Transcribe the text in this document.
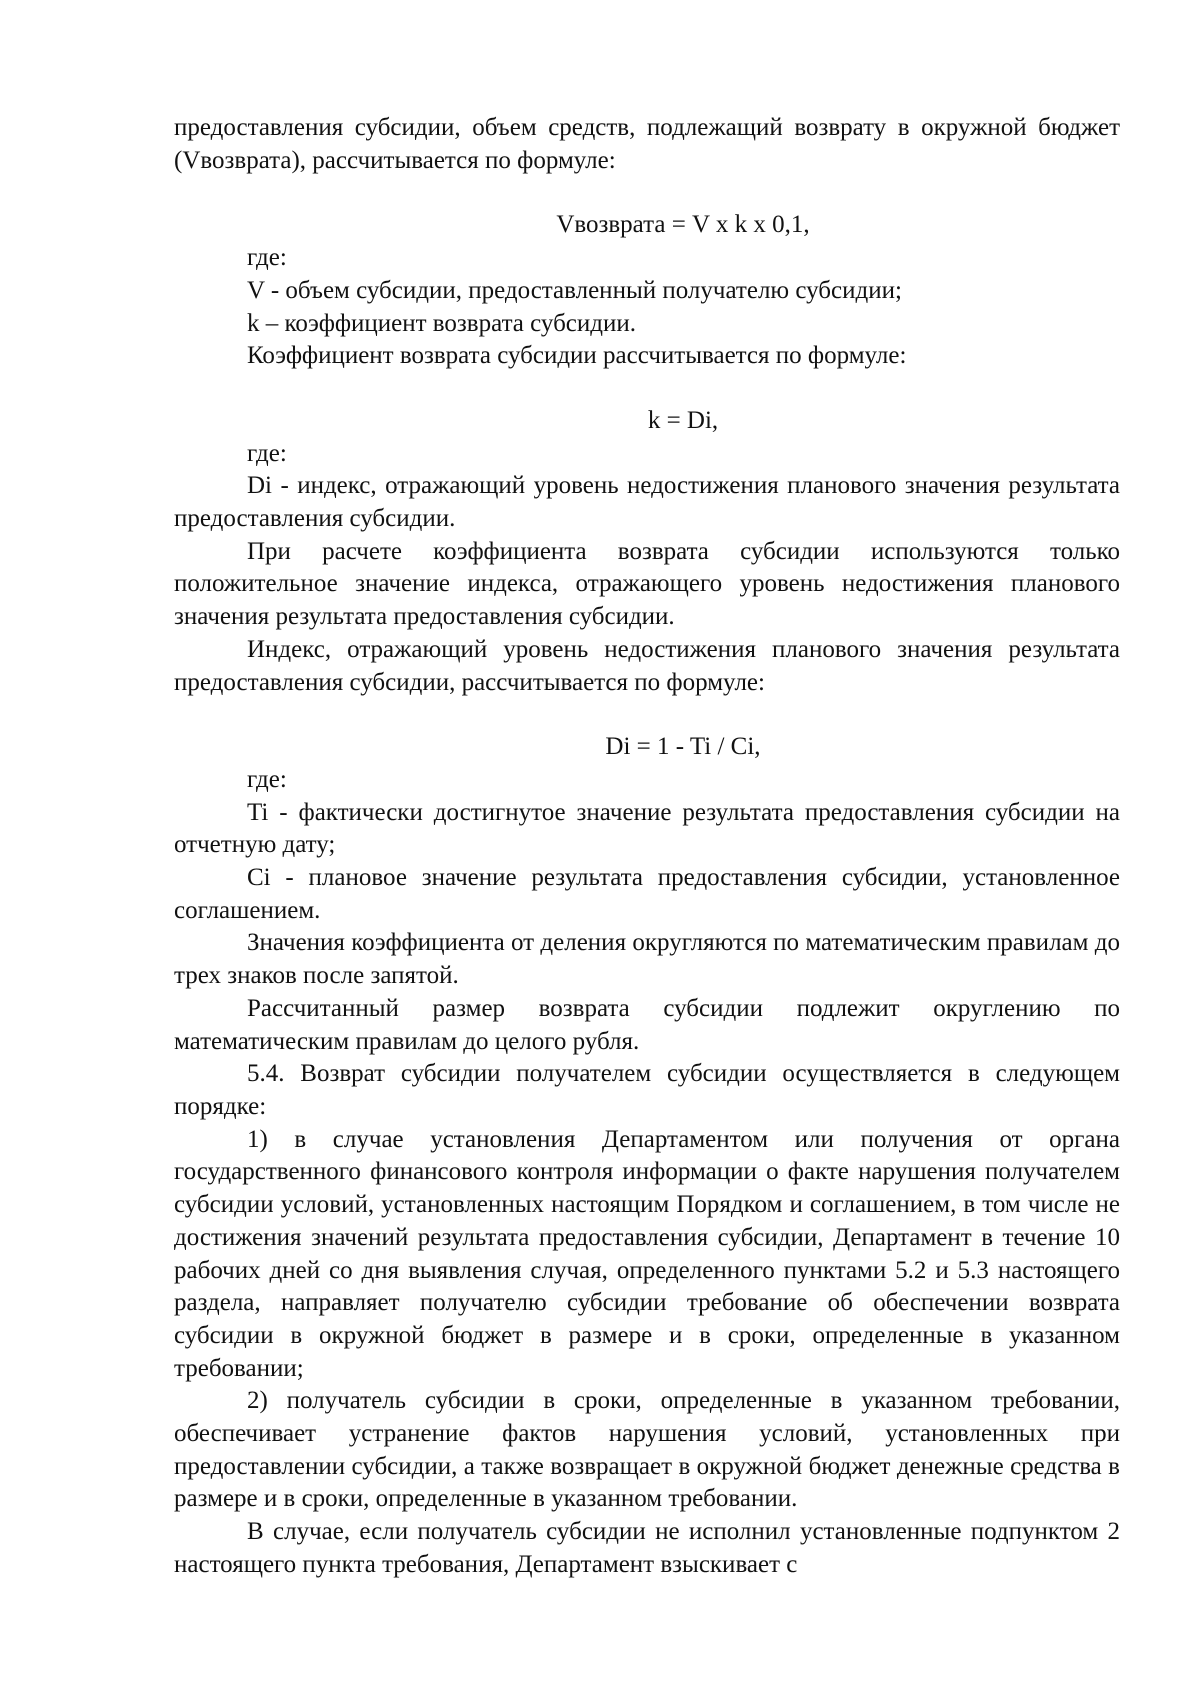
предоставления субсидии, объем средств, подлежащий возврату в окружной бюджет (Vвозврата), рассчитывается по формуле:

Vвозврата = V x k x 0,1,

где:

V - объем субсидии, предоставленный получателю субсидии;

k – коэффициент возврата субсидии.

Коэффициент возврата субсидии рассчитывается по формуле:

k = Di,

где:

Di - индекс, отражающий уровень недостижения планового значения результата предоставления субсидии.

При расчете коэффициента возврата субсидии используются только положительное значение индекса, отражающего уровень недостижения планового значения результата предоставления субсидии.

Индекс, отражающий уровень недостижения планового значения результата предоставления субсидии, рассчитывается по формуле:

Di = 1 - Ti / Ci,

где:

Ti - фактически достигнутое значение результата предоставления субсидии на отчетную дату;

Ci - плановое значение результата предоставления субсидии, установленное соглашением.

Значения коэффициента от деления округляются по математическим правилам до трех знаков после запятой.

Рассчитанный размер возврата субсидии подлежит округлению по математическим правилам до целого рубля.

5.4. Возврат субсидии получателем субсидии осуществляется в следующем порядке:

1) в случае установления Департаментом или получения от органа государственного финансового контроля информации о факте нарушения получателем субсидии условий, установленных настоящим Порядком и соглашением, в том числе не достижения значений результата предоставления субсидии, Департамент в течение 10 рабочих дней со дня выявления случая, определенного пунктами 5.2 и 5.3 настоящего раздела, направляет получателю субсидии требование об обеспечении возврата субсидии в окружной бюджет в размере и в сроки, определенные в указанном требовании;

2) получатель субсидии в сроки, определенные в указанном требовании, обеспечивает устранение фактов нарушения условий, установленных при предоставлении субсидии, а также возвращает в окружной бюджет денежные средства в размере и в сроки, определенные в указанном требовании.

В случае, если получатель субсидии не исполнил установленные подпунктом 2 настоящего пункта требования, Департамент взыскивает с
